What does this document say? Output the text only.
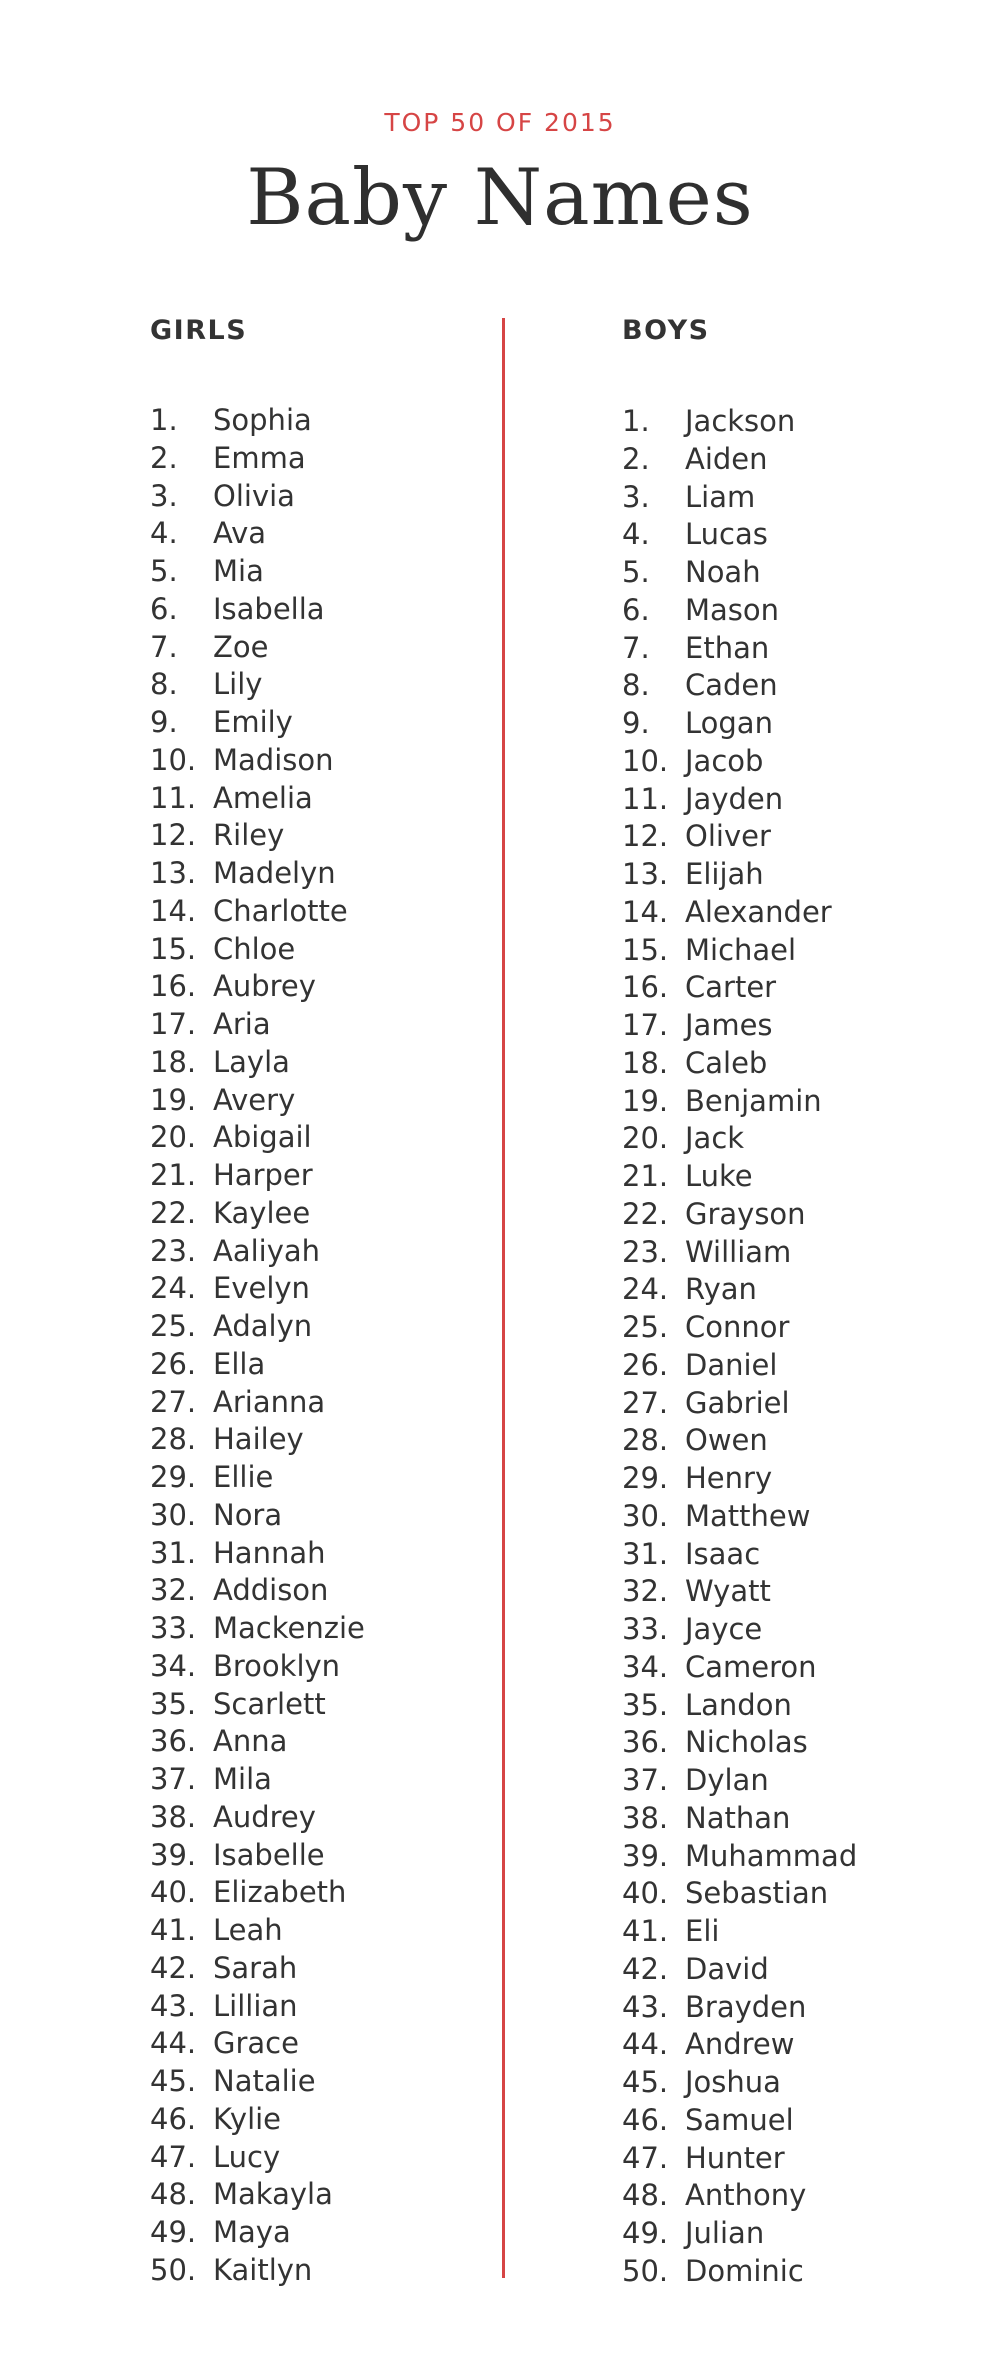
TOP 50 OF 2015
Baby Names
GIRLS	BOYS
1. Sophia
2. Emma
3. Olivia
4. Ava
5. Mia
6. Isabella
7. Zoe
8. Lily
9. Emily
10. Madison
11. Amelia
12. Riley
13. Madelyn
14. Charlotte
15. Chloe
16. Aubrey
17. Aria
18. Layla
19. Avery
20. Abigail
21. Harper
22. Kaylee
23. Aaliyah
24. Evelyn
25. Adalyn
26. Ella
27. Arianna
28. Hailey
29. Ellie
30. Nora
31. Hannah
32. Addison
33. Mackenzie
34. Brooklyn
35. Scarlett
36. Anna
37. Mila
38. Audrey
39. Isabelle
40. Elizabeth
41. Leah
42. Sarah
43. Lillian
44. Grace
45. Natalie
46. Kylie
47. Lucy
48. Makayla
49. Maya
50. Kaitlyn
1. Jackson
2. Aiden
3. Liam
4. Lucas
5. Noah
6. Mason
7. Ethan
8. Caden
9. Logan
10. Jacob
11. Jayden
12. Oliver
13. Elijah
14. Alexander
15. Michael
16. Carter
17. James
18. Caleb
19. Benjamin
20. Jack
21. Luke
22. Grayson
23. William
24. Ryan
25. Connor
26. Daniel
27. Gabriel
28. Owen
29. Henry
30. Matthew
31. Isaac
32. Wyatt
33. Jayce
34. Cameron
35. Landon
36. Nicholas
37. Dylan
38. Nathan
39. Muhammad
40. Sebastian
41. Eli
42. David
43. Brayden
44. Andrew
45. Joshua
46. Samuel
47. Hunter
48. Anthony
49. Julian
50. Dominic
